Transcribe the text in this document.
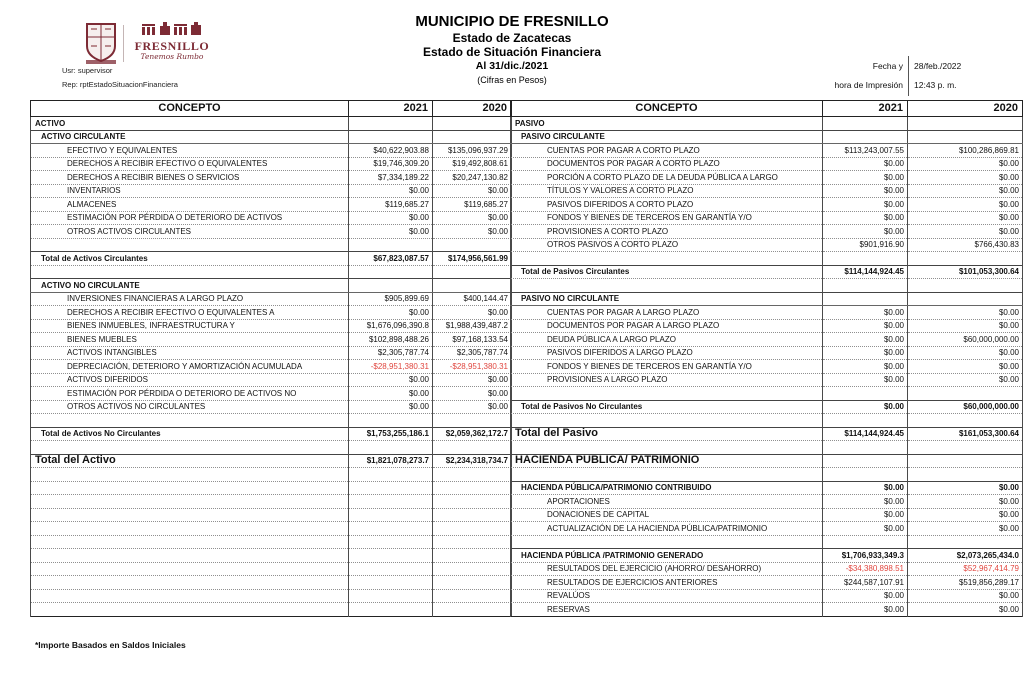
FRESNILLO
Tenemos Rumbo
Usr: supervisor
Rep: rptEstadoSituacionFinanciera
MUNICIPIO DE FRESNILLO
Estado de Zacatecas
Estado de Situación Financiera
Al 31/dic./2021
(Cifras en Pesos)
Fecha y
hora de Impresión
28/feb./2022
12:43 p. m.
CONCEPTO	2021	2020
ACTIVO		
ACTIVO CIRCULANTE		
EFECTIVO Y EQUIVALENTES	$40,622,903.88	$135,096,937.29
DERECHOS A RECIBIR EFECTIVO O EQUIVALENTES	$19,746,309.20	$19,492,808.61
DERECHOS A RECIBIR BIENES O SERVICIOS	$7,334,189.22	$20,247,130.82
INVENTARIOS	$0.00	$0.00
ALMACENES	$119,685.27	$119,685.27
ESTIMACIÓN POR PÉRDIDA O DETERIORO DE ACTIVOS	$0.00	$0.00
OTROS ACTIVOS CIRCULANTES	$0.00	$0.00

Total de Activos Circulantes	$67,823,087.57	$174,956,561.99

ACTIVO NO CIRCULANTE		
INVERSIONES FINANCIERAS A LARGO PLAZO	$905,899.69	$400,144.47
DERECHOS A RECIBIR EFECTIVO O EQUIVALENTES A	$0.00	$0.00
BIENES INMUEBLES, INFRAESTRUCTURA Y	$1,676,096,390.8	$1,988,439,487.2
BIENES MUEBLES	$102,898,488.26	$97,168,133.54
ACTIVOS INTANGIBLES	$2,305,787.74	$2,305,787.74
DEPRECIACIÓN, DETERIORO Y AMORTIZACIÓN ACUMULADA	-$28,951,380.31	-$28,951,380.31
ACTIVOS DIFERIDOS	$0.00	$0.00
ESTIMACIÓN POR PÉRDIDA O DETERIORO DE ACTIVOS NO	$0.00	$0.00
OTROS ACTIVOS NO CIRCULANTES	$0.00	$0.00

Total de Activos No Circulantes	$1,753,255,186.1	$2,059,362,172.7

Total del Activo	$1,821,078,273.7	$2,234,318,734.7

CONCEPTO	2021	2020
PASIVO		
PASIVO CIRCULANTE		
CUENTAS POR PAGAR A CORTO PLAZO	$113,243,007.55	$100,286,869.81
DOCUMENTOS POR PAGAR A CORTO PLAZO	$0.00	$0.00
PORCIÓN A CORTO PLAZO DE LA DEUDA PÚBLICA A LARGO	$0.00	$0.00
TÍTULOS Y VALORES A CORTO PLAZO	$0.00	$0.00
PASIVOS DIFERIDOS A CORTO PLAZO	$0.00	$0.00
FONDOS Y BIENES DE TERCEROS EN GARANTÍA Y/O	$0.00	$0.00
PROVISIONES A CORTO PLAZO	$0.00	$0.00
OTROS PASIVOS A CORTO PLAZO	$901,916.90	$766,430.83

Total de Pasivos Circulantes	$114,144,924.45	$101,053,300.64

PASIVO NO CIRCULANTE		
CUENTAS POR PAGAR A LARGO PLAZO	$0.00	$0.00
DOCUMENTOS POR PAGAR A LARGO PLAZO	$0.00	$0.00
DEUDA PÚBLICA A LARGO PLAZO	$0.00	$60,000,000.00
PASIVOS DIFERIDOS A LARGO PLAZO	$0.00	$0.00
FONDOS Y BIENES DE TERCEROS EN GARANTÍA Y/O	$0.00	$0.00
PROVISIONES A LARGO PLAZO	$0.00	$0.00

Total de Pasivos No Circulantes	$0.00	$60,000,000.00

Total del Pasivo	$114,144,924.45	$161,053,300.64

HACIENDA PÚBLICA/ PATRIMONIO		

HACIENDA PÚBLICA/PATRIMONIO CONTRIBUIDO	$0.00	$0.00
APORTACIONES	$0.00	$0.00
DONACIONES DE CAPITAL	$0.00	$0.00
ACTUALIZACIÓN DE LA HACIENDA PÚBLICA/PATRIMONIO	$0.00	$0.00

HACIENDA PÚBLICA /PATRIMONIO GENERADO	$1,706,933,349.3	$2,073,265,434.0
RESULTADOS DEL EJERCICIO (AHORRO/ DESAHORRO)	-$34,380,898.51	$52,967,414.79
RESULTADOS DE EJERCICIOS ANTERIORES	$244,587,107.91	$519,856,289.17
REVALÚOS	$0.00	$0.00
RESERVAS	$0.00	$0.00
*Importe Basados en Saldos Iniciales
